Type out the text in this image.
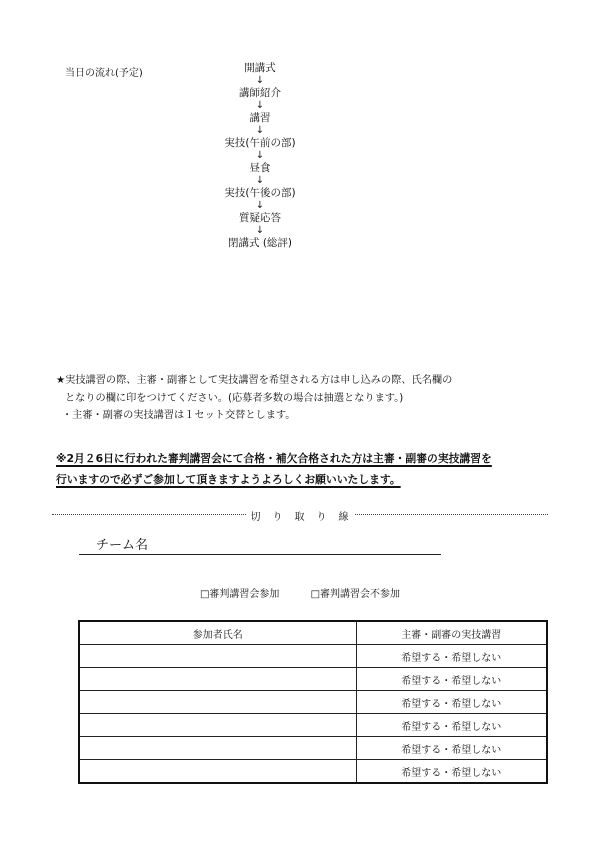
当日の流れ(予定)	開講式
↓
講師紹介
↓
講習
↓
実技(午前の部)
↓
昼食
↓
実技(午後の部)
↓
質疑応答
↓
閉講式 (総評)
★実技講習の際、主審・副審として実技講習を希望される方は申し込みの際、氏名欄の
となりの欄に印をつけてください。(応募者多数の場合は抽選となります。)
・主審・副審の実技講習は１セット交替とします。
※2月２6日に行われた審判講習会にて合格・補欠合格された方は主審・副審の実技講習を
行いますので必ずご参加して頂きますようよろしくお願いいたします。
切　り　取　り　線
チーム名
□審判講習会参加	□審判講習会不参加
参加者氏名	主審・副審の実技講習
	希望する・希望しない
	希望する・希望しない
	希望する・希望しない
	希望する・希望しない
	希望する・希望しない
	希望する・希望しない
